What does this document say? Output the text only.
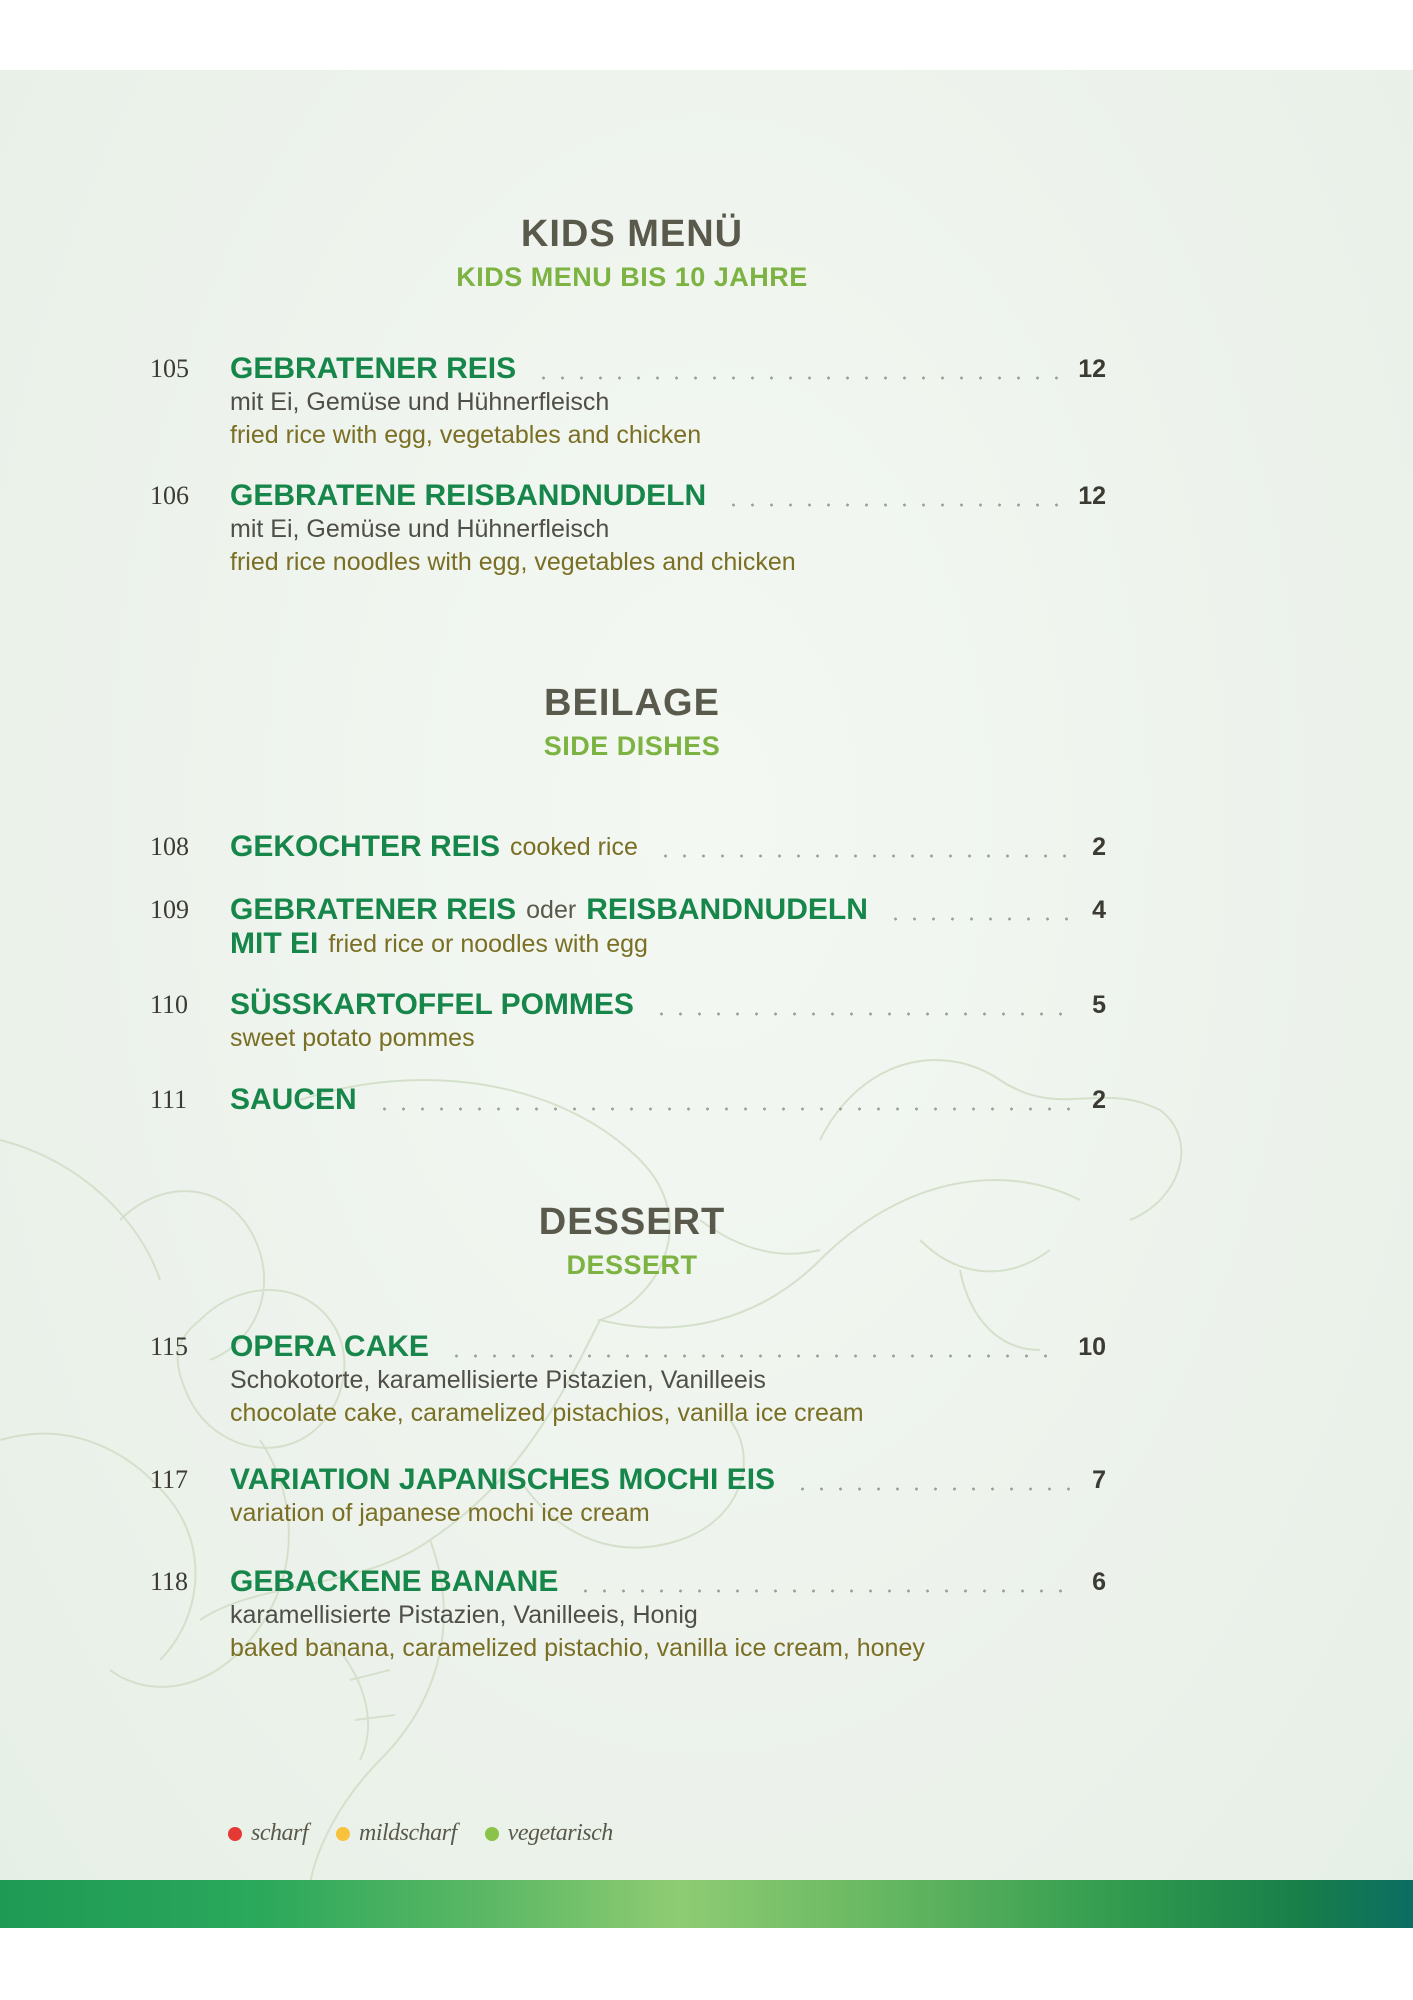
KIDS MENÜ
KIDS MENU BIS 10 JAHRE
105	GEBRATENER REIS	12
mit Ei, Gemüse und Hühnerfleisch
fried rice with egg, vegetables and chicken
106	GEBRATENE REISBANDNUDELN	12
mit Ei, Gemüse und Hühnerfleisch
fried rice noodles with egg, vegetables and chicken
BEILAGE
SIDE DISHES
108	GEKOCHTER REIS cooked rice	2
109	GEBRATENER REIS oder REISBANDNUDELN	4
MIT EI fried rice or noodles with egg
110	SÜSSKARTOFFEL POMMES	5
sweet potato pommes
111	SAUCEN	2
DESSERT
DESSERT
115	OPERA CAKE	10
Schokotorte, karamellisierte Pistazien, Vanilleeis
chocolate cake, caramelized pistachios, vanilla ice cream
117	VARIATION JAPANISCHES MOCHI EIS	7
variation of japanese mochi ice cream
118	GEBACKENE BANANE	6
karamellisierte Pistazien, Vanilleeis, Honig
baked banana, caramelized pistachio, vanilla ice cream, honey
scharf mildscharf vegetarisch
